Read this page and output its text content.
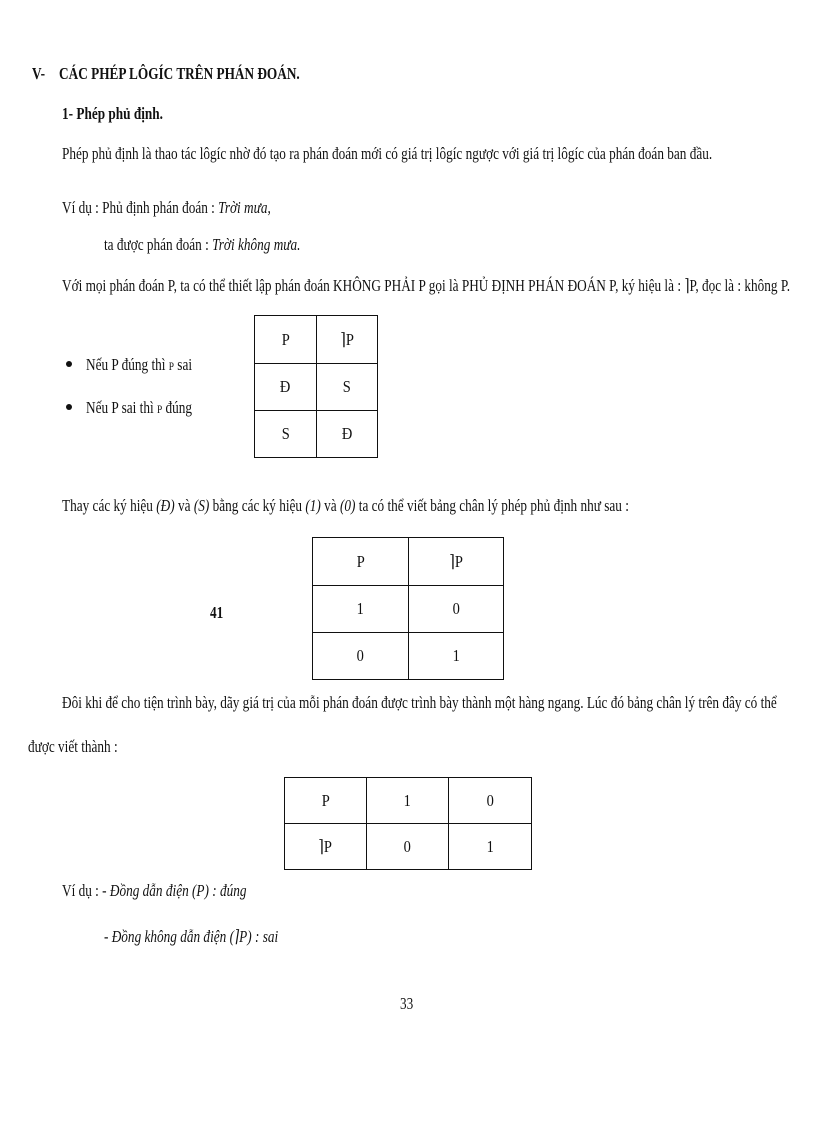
V- CÁC PHÉP LÔGÍC TRÊN PHÁN ĐOÁN.
1- Phép phủ định.
Phép phủ định là thao tác lôgíc nhờ đó tạo ra phán đoán mới có giá trị lôgíc ngược với giá trị lôgíc của phán đoán ban đầu.
Ví dụ : Phủ định phán đoán : Trời mưa,
ta được phán đoán : Trời không mưa.
Với mọi phán đoán P, ta có thể thiết lập phán đoán KHÔNG PHẢI P gọi là PHỦ ĐỊNH PHÁN ĐOÁN P, ký hiệu là : ⌉P, đọc là : không P.
Nếu P đúng thì P sai
Nếu P sai thì P đúng
P	⌉P
Đ	S
S	Đ
Thay các ký hiệu (Đ) và (S) bằng các ký hiệu (1) và (0) ta có thể viết bảng chân lý phép phủ định như sau :
41
P	⌉P
1	0
0	1
Đôi khi để cho tiện trình bày, dãy giá trị của mỗi phán đoán được trình bày thành một hàng ngang. Lúc đó bảng chân lý trên đây có thể
được viết thành :
P	1	0
⌉P	0	1
Ví dụ : - Đồng dẫn điện (P) : đúng
- Đồng không dẫn điện (⌉P) : sai
33
